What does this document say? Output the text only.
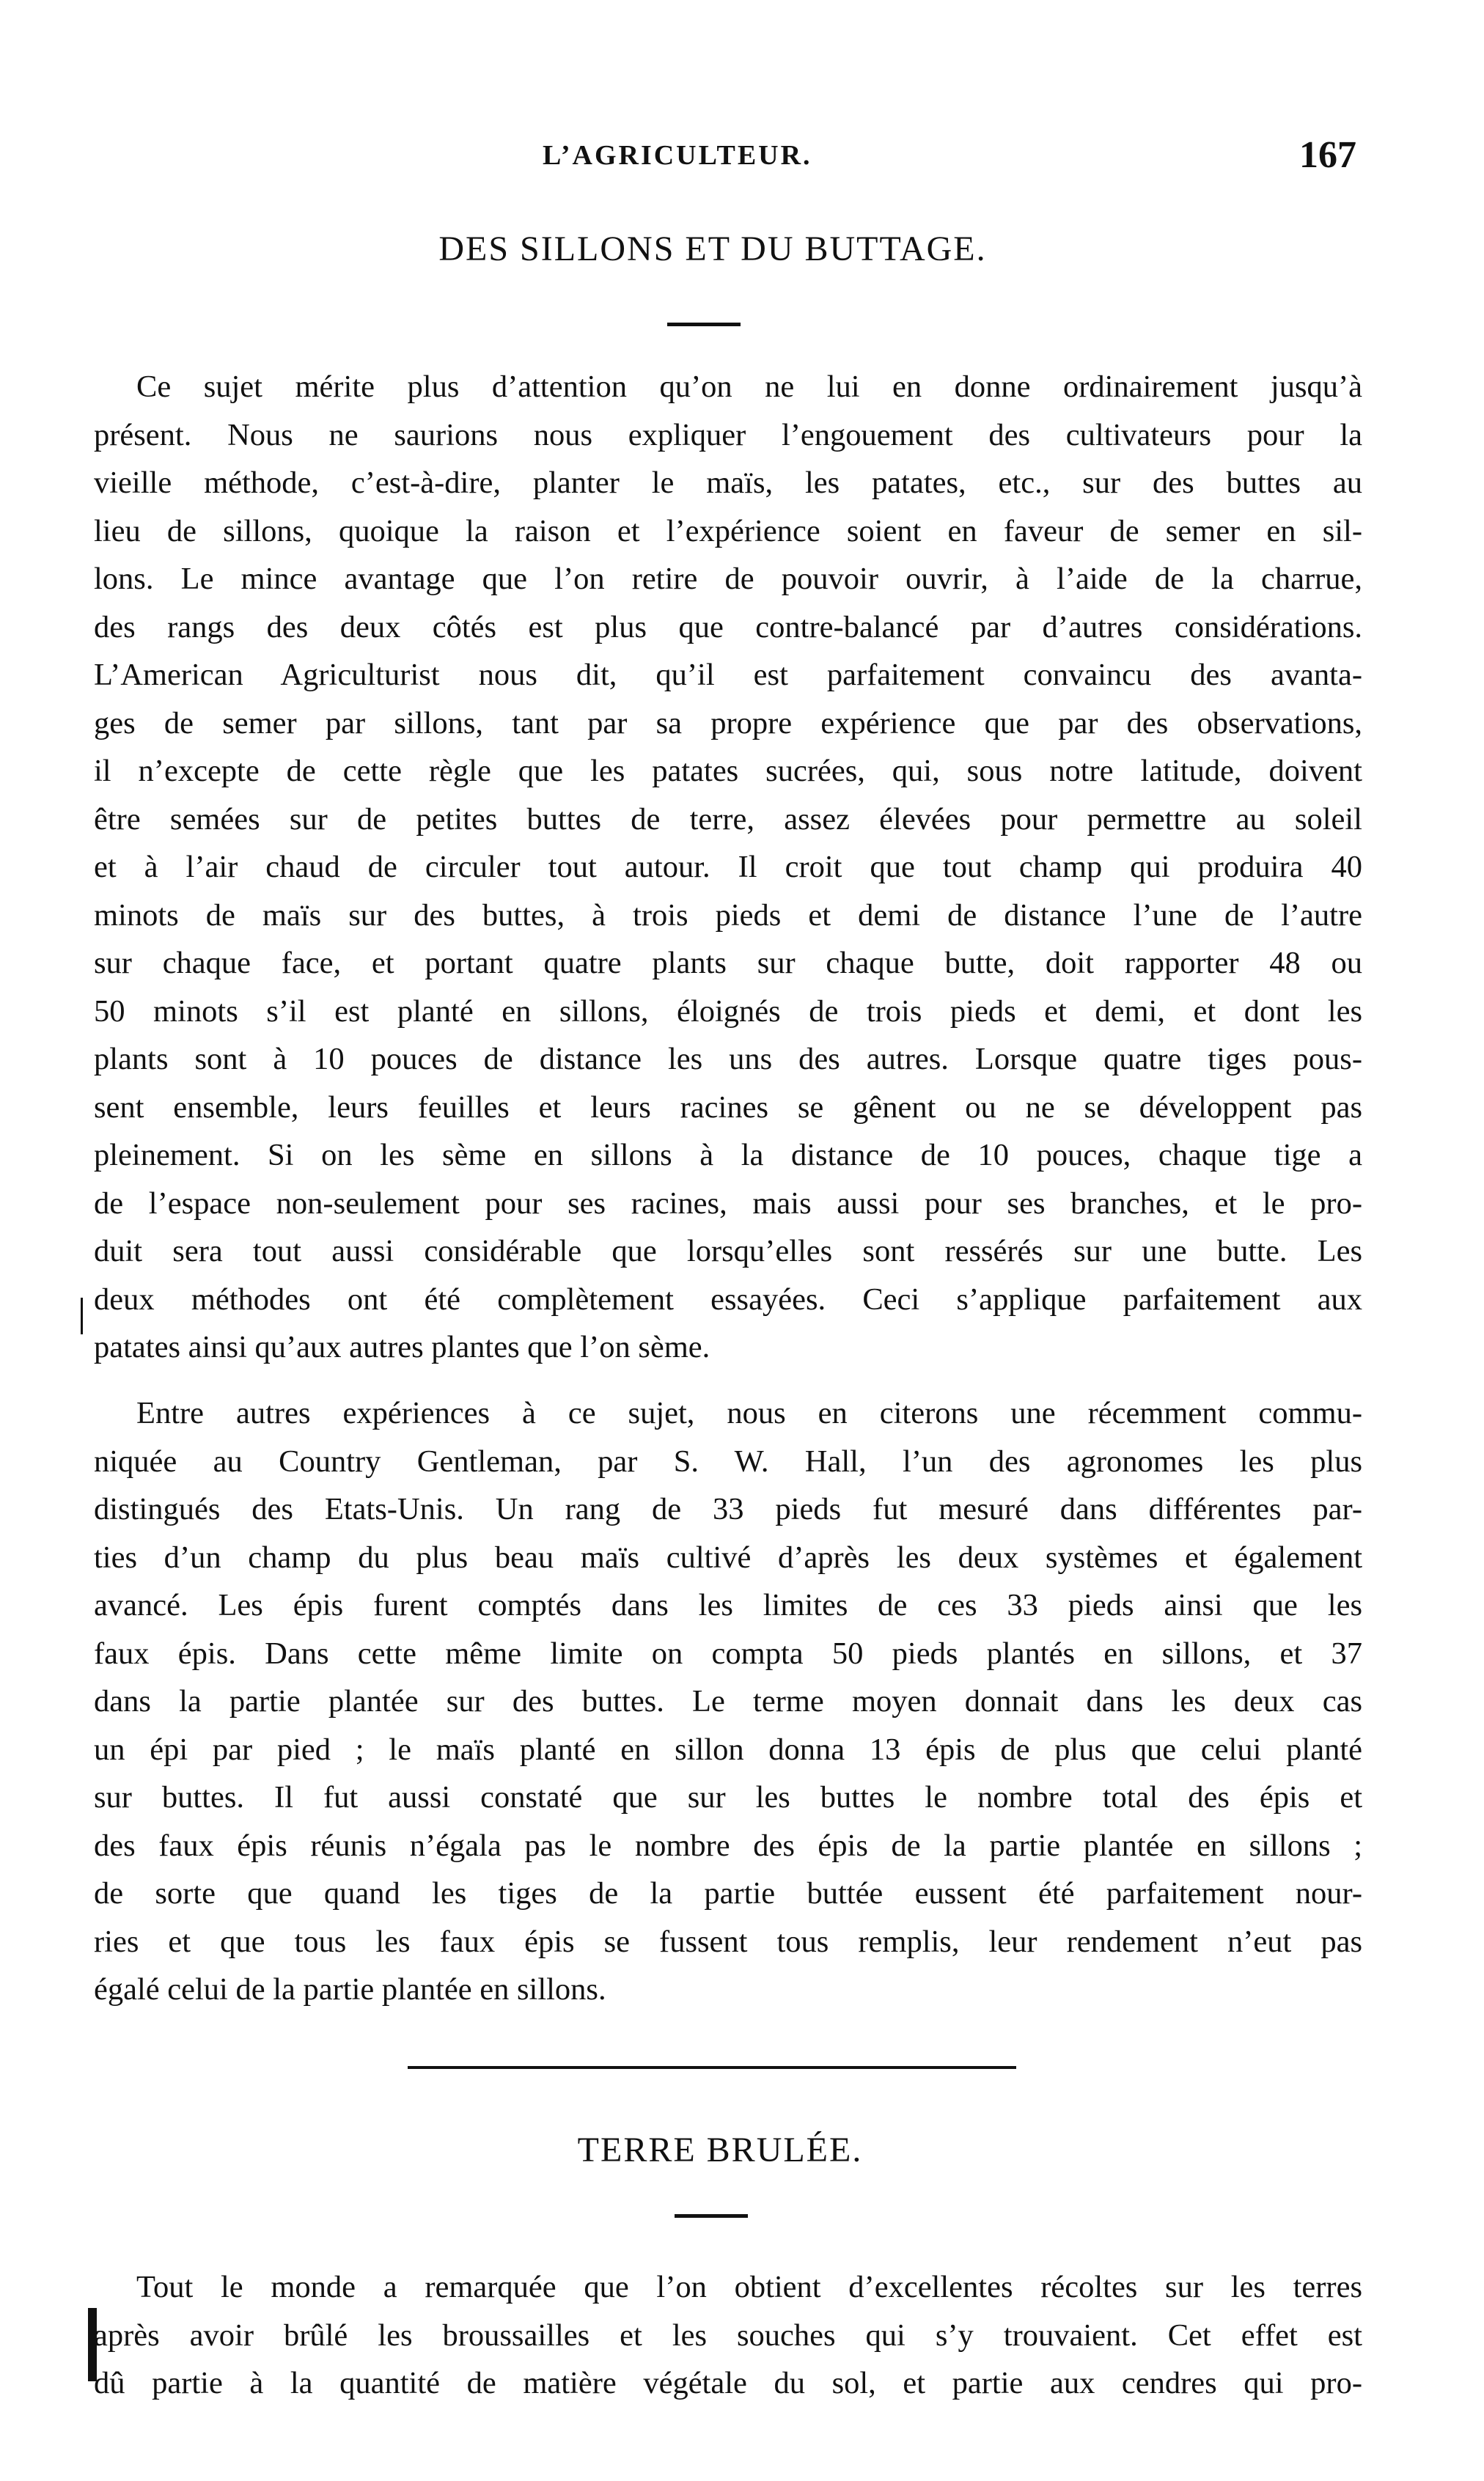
L’AGRICULTEUR.	167
DES SILLONS ET DU BUTTAGE.
Ce sujet mérite plus d’attention qu’on ne lui en donne ordinairement jusqu’à
présent. Nous ne saurions nous expliquer l’engouement des cultivateurs pour la
vieille méthode, c’est-à-dire, planter le maïs, les patates, etc., sur des buttes au
lieu de sillons, quoique la raison et l’expérience soient en faveur de semer en sil-
lons. Le mince avantage que l’on retire de pouvoir ouvrir, à l’aide de la charrue,
des rangs des deux côtés est plus que contre-balancé par d’autres considérations.
L’American Agriculturist nous dit, qu’il est parfaitement convaincu des avanta-
ges de semer par sillons, tant par sa propre expérience que par des observations,
il n’excepte de cette règle que les patates sucrées, qui, sous notre latitude, doivent
être semées sur de petites buttes de terre, assez élevées pour permettre au soleil
et à l’air chaud de circuler tout autour. Il croit que tout champ qui produira 40
minots de maïs sur des buttes, à trois pieds et demi de distance l’une de l’autre
sur chaque face, et portant quatre plants sur chaque butte, doit rapporter 48 ou
50 minots s’il est planté en sillons, éloignés de trois pieds et demi, et dont les
plants sont à 10 pouces de distance les uns des autres. Lorsque quatre tiges pous-
sent ensemble, leurs feuilles et leurs racines se gênent ou ne se développent pas
pleinement. Si on les sème en sillons à la distance de 10 pouces, chaque tige a
de l’espace non-seulement pour ses racines, mais aussi pour ses branches, et le pro-
duit sera tout aussi considérable que lorsqu’elles sont ressérés sur une butte. Les
deux méthodes ont été complètement essayées. Ceci s’applique parfaitement aux
patates ainsi qu’aux autres plantes que l’on sème.
Entre autres expériences à ce sujet, nous en citerons une récemment commu-
niquée au Country Gentleman, par S. W. Hall, l’un des agronomes les plus
distingués des Etats-Unis. Un rang de 33 pieds fut mesuré dans différentes par-
ties d’un champ du plus beau maïs cultivé d’après les deux systèmes et également
avancé. Les épis furent comptés dans les limites de ces 33 pieds ainsi que les
faux épis. Dans cette même limite on compta 50 pieds plantés en sillons, et 37
dans la partie plantée sur des buttes. Le terme moyen donnait dans les deux cas
un épi par pied ; le maïs planté en sillon donna 13 épis de plus que celui planté
sur buttes. Il fut aussi constaté que sur les buttes le nombre total des épis et
des faux épis réunis n’égala pas le nombre des épis de la partie plantée en sillons ;
de sorte que quand les tiges de la partie buttée eussent été parfaitement nour-
ries et que tous les faux épis se fussent tous remplis, leur rendement n’eut pas
égalé celui de la partie plantée en sillons.
TERRE BRULÉE.
Tout le monde a remarquée que l’on obtient d’excellentes récoltes sur les terres
après avoir brûlé les broussailles et les souches qui s’y trouvaient. Cet effet est
dû partie à la quantité de matière végétale du sol, et partie aux cendres qui pro-
